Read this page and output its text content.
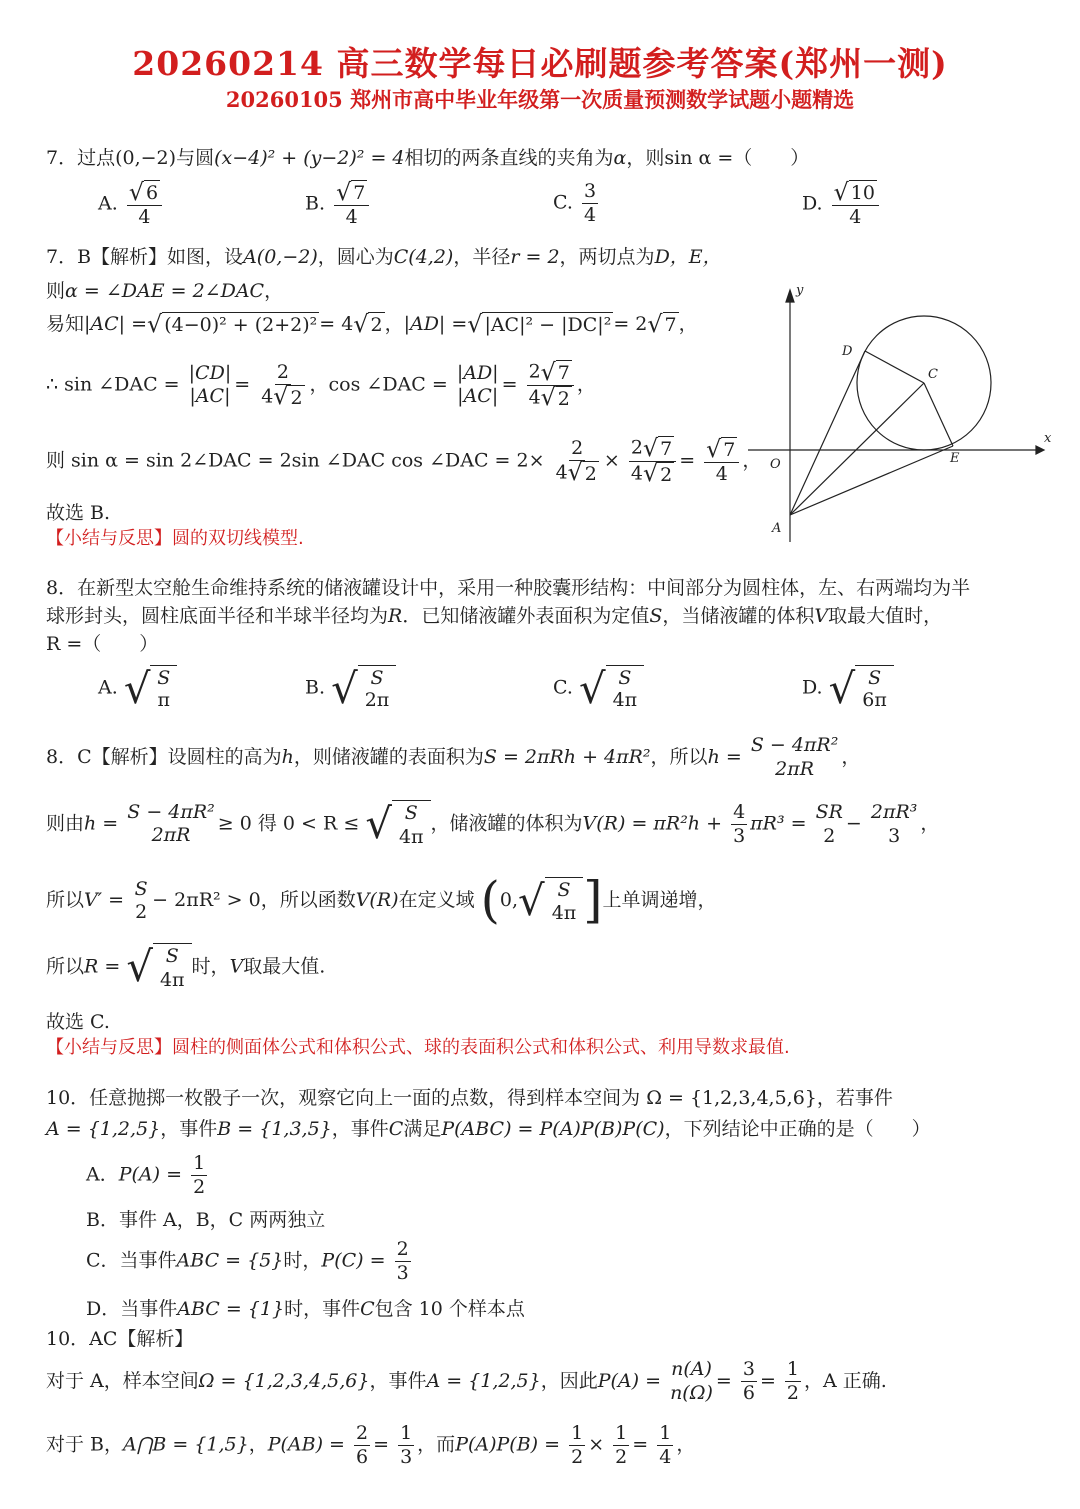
20260214 高三数学每日必刷题参考答案(郑州一测)
20260105 郑州市高中毕业年级第一次质量预测数学试题小题精选
7．过点(0,−2)与圆(x−4)² + (y−2)² = 4相切的两条直线的夹角为α，则sin α =（　　）
A. $\frac{√ 6}{4}$	B. $\frac{√ 7}{4}$	C. $\frac{3}{4}$	D. $\frac{√ 10}{4}$
7．B【解析】如图，设A(0,−2)，圆心为C(4,2)，半径r = 2，两切点为D，E，
则α = ∠DAE = 2∠DAC，
易知|AC| = √ (4−0)² + (2+2)² = 4 √ 2 ，|AD| = √ |AC|² − |DC|² = 2 √ 7 ，
∴ sin ∠DAC =
|CD|
|AC|
= $\frac{2}{4 √ 2}$ ，cos ∠DAC =
|AD|
|AC|
= $\frac{2 √ 7}{4 √ 2}$ ，
则 sin α = sin 2∠DAC = 2sin ∠DAC cos ∠DAC = $2\times \frac{2}{4 √ 2} \times \frac{2 √ 7}{4 √ 2} = \frac{√ 7}{4}$ ，
故选 B.
【小结与反思】圆的双切线模型.
y
x
O
A
C
D
E
8．在新型太空舱生命维持系统的储液罐设计中，采用一种胶囊形结构：中间部分为圆柱体，左、右两端均为半
球形封头，圆柱底面半径和半球半径均为R．已知储液罐外表面积为定值S，当储液罐的体积V取最大值时，
R =（　　）
A. √ S
π
B. √ S
2π
C. √ S
4π
D. √ S
6π
8．C【解析】设圆柱的高为h，则储液罐的表面积为S = 2πRh + 4πR²，所以h =
S − 4πR²
2πR
，
则由h =
S − 4πR²
2πR
≥ 0 得 0 < R ≤ √ S
4π
，储液罐的体积为$V(R) = \pi R^2h + \frac{4}{3} \pi R^3$ =
SR
2
−
2πR³
3
，
所以V′ =
S
2
− 2πR² > 0，所以函数V(R)在定义域 (0, √ S
4π ]上单调递增，
所以R = √ S
4π
时，V取最大值.
故选 C.
【小结与反思】圆柱的侧面体公式和体积公式、球的表面积公式和体积公式、利用导数求最值.
10．任意抛掷一枚骰子一次，观察它向上一面的点数，得到样本空间为 Ω = {1,2,3,4,5,6}，若事件
A = {1,2,5}，事件B = {1,3,5}，事件C满足P(ABC) = P(A)P(B)P(C)，下列结论中正确的是（　　）
A．$P(A) = \frac{1}{2}$
B．事件 A，B，C 两两独立
C．当事件ABC = {5}时，$P(C) = \frac{2}{3}$
D．当事件ABC = {1}时，事件C包含 10 个样本点
10．AC【解析】
对于 A，样本空间Ω = {1,2,3,4,5,6}，事件A = {1,2,5}，因此P(A) =
n(A)
n(Ω)
= $\frac{3}{6} = \frac{1}{2}$ ，A 正确.
对于 B，A⋂B = {1,5}，$P(AB) = \frac{2}{6} = \frac{1}{3}$ ，而$P(A)P(B) = \frac{1}{2} \times \frac{1}{2} = \frac{1}{4}$ ，
